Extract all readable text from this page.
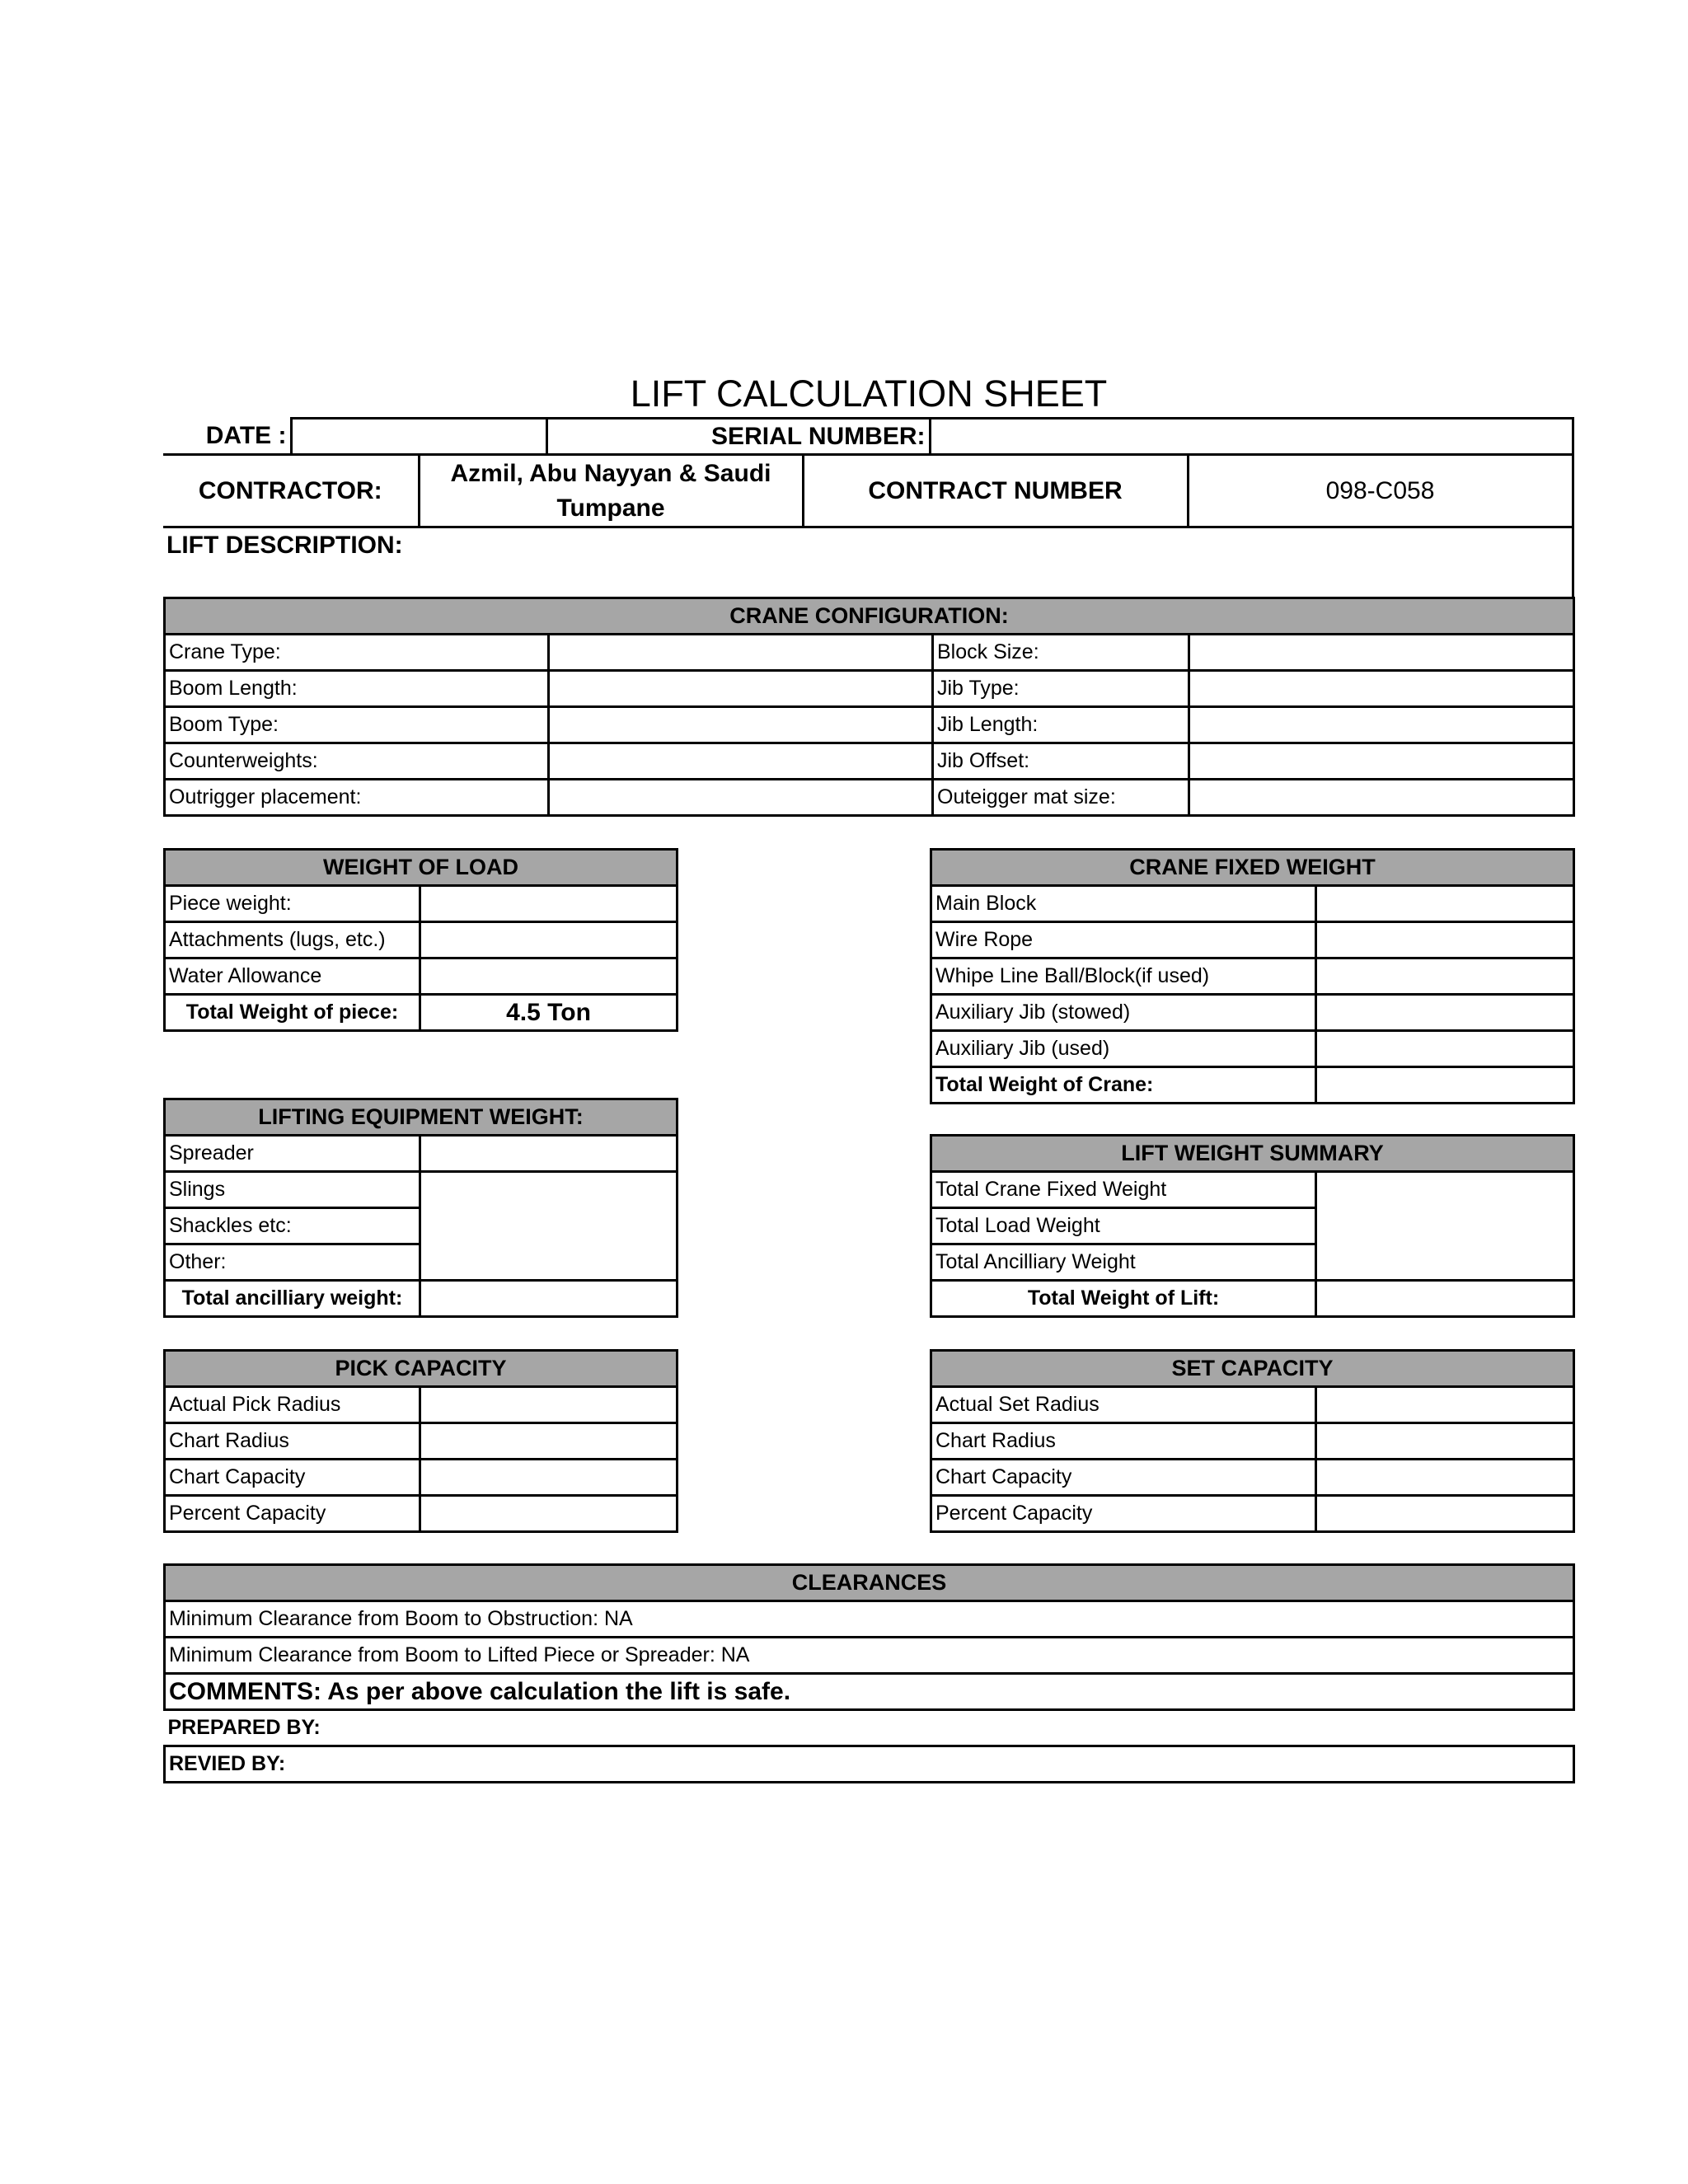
LIFT CALCULATION SHEET
DATE :		SERIAL NUMBER:	
CONTRACTOR:	Azmil, Abu Nayyan & Saudi Tumpane	CONTRACT NUMBER	098-C058
LIFT DESCRIPTION:
CRANE CONFIGURATION:			
Crane Type:		Block Size:	
Boom Length:		Jib Type:	
Boom Type:		Jib Length:	
Counterweights:		Jib Offset:	
Outrigger placement:		Outeigger mat size:	
WEIGHT OF LOAD	
Piece weight:	
Attachments (lugs, etc.)	
Water Allowance	
Total Weight of piece:	4.5 Ton
CRANE FIXED WEIGHT	
Main Block	
Wire Rope	
Whipe Line Ball/Block(if used)	
Auxiliary Jib (stowed)	
Auxiliary Jib (used)	
Total Weight of Crane:	
LIFTING EQUIPMENT WEIGHT:	
Spreader	
Slings	
Shackles etc:	
Other:	
Total ancilliary weight:	
LIFT WEIGHT SUMMARY	
Total Crane Fixed Weight	
Total Load Weight	
Total Ancilliary Weight	
Total Weight of Lift:	
PICK CAPACITY	
Actual Pick Radius	
Chart Radius	
Chart Capacity	
Percent Capacity	
SET CAPACITY	
Actual Set Radius	
Chart Radius	
Chart Capacity	
Percent Capacity	
CLEARANCES
Minimum Clearance from Boom to Obstruction: NA
Minimum Clearance from Boom to Lifted Piece or Spreader: NA
COMMENTS: As per above calculation the lift is safe.
PREPARED BY:
REVIED BY:
